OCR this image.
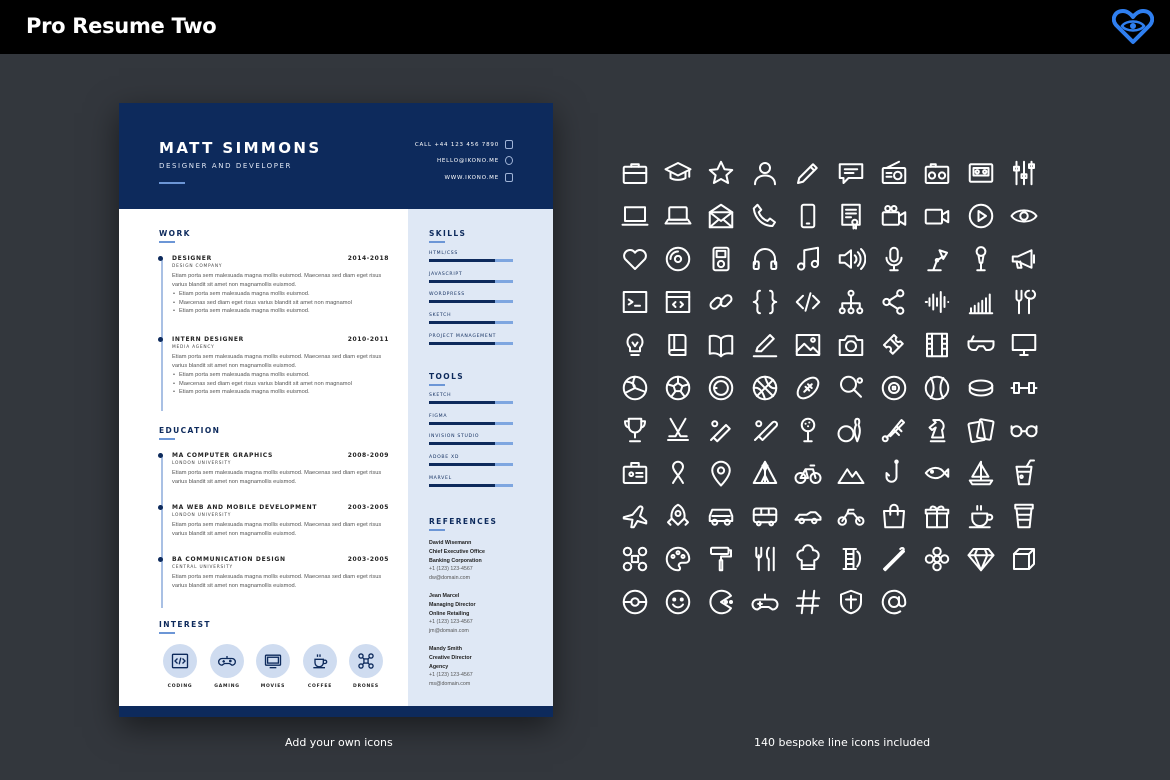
Pro Resume Two
MATT SIMMONS
DESIGNER AND DEVELOPER
CALL +44 123 456 7890
HELLO@IKONO.ME
WWW.IKONO.ME
WORK
DESIGNER	2014-2018
DESIGN COMPANY
Etiam porta sem malesuada magna mollis euismod. Maecenas sed diam eget risus varius blandit sit amet non magnamollis euismod.
• Etiam porta sem malesuada magna mollis euismod.
• Maecenas sed diam eget risus varius blandit sit amet non magnamol
• Etiam porta sem malesuada magna mollis euismod.
INTERN DESIGNER	2010-2011
MEDIA AGENCY
Etiam porta sem malesuada magna mollis euismod. Maecenas sed diam eget risus varius blandit sit amet non magnamollis euismod.
• Etiam porta sem malesuada magna mollis euismod.
• Maecenas sed diam eget risus varius blandit sit amet non magnamol
• Etiam porta sem malesuada magna mollis euismod.
EDUCATION
MA COMPUTER GRAPHICS	2008-2009
LONDON UNIVERSITY
Etiam porta sem malesuada magna mollis euismod. Maecenas sed diam eget risus varius blandit sit amet non magnamollis euismod.
MA WEB AND MOBILE DEVELOPMENT	2003-2005
LONDON UNIVERSITY
Etiam porta sem malesuada magna mollis euismod. Maecenas sed diam eget risus varius blandit sit amet non magnamollis euismod.
BA COMMUNICATION DESIGN	2003-2005
CENTRAL UNIVERSITY
Etiam porta sem malesuada magna mollis euismod. Maecenas sed diam eget risus varius blandit sit amet non magnamollis euismod.
INTEREST
CODING	GAMING	MOVIES	COFFEE	DRONES
SKILLS
HTML/CSS
JAVASCRIPT
WORDPRESS
SKETCH
PROJECT MANAGEMENT
TOOLS
SKETCH
FIGMA
INVISION STUDIO
ADOBE XD
MARVEL
REFERENCES
David Wisemann
Chief Executive Office
Banking Corporation
+1 (123) 123-4567
dw@domain.com
Jean Marcel
Managing Director
Online Retailing
+1 (123) 123-4567
jm@domain.com
Mandy Smith
Creative Director
Agency
+1 (123) 123-4567
ms@domain.com
Add your own icons	140 bespoke line icons included
